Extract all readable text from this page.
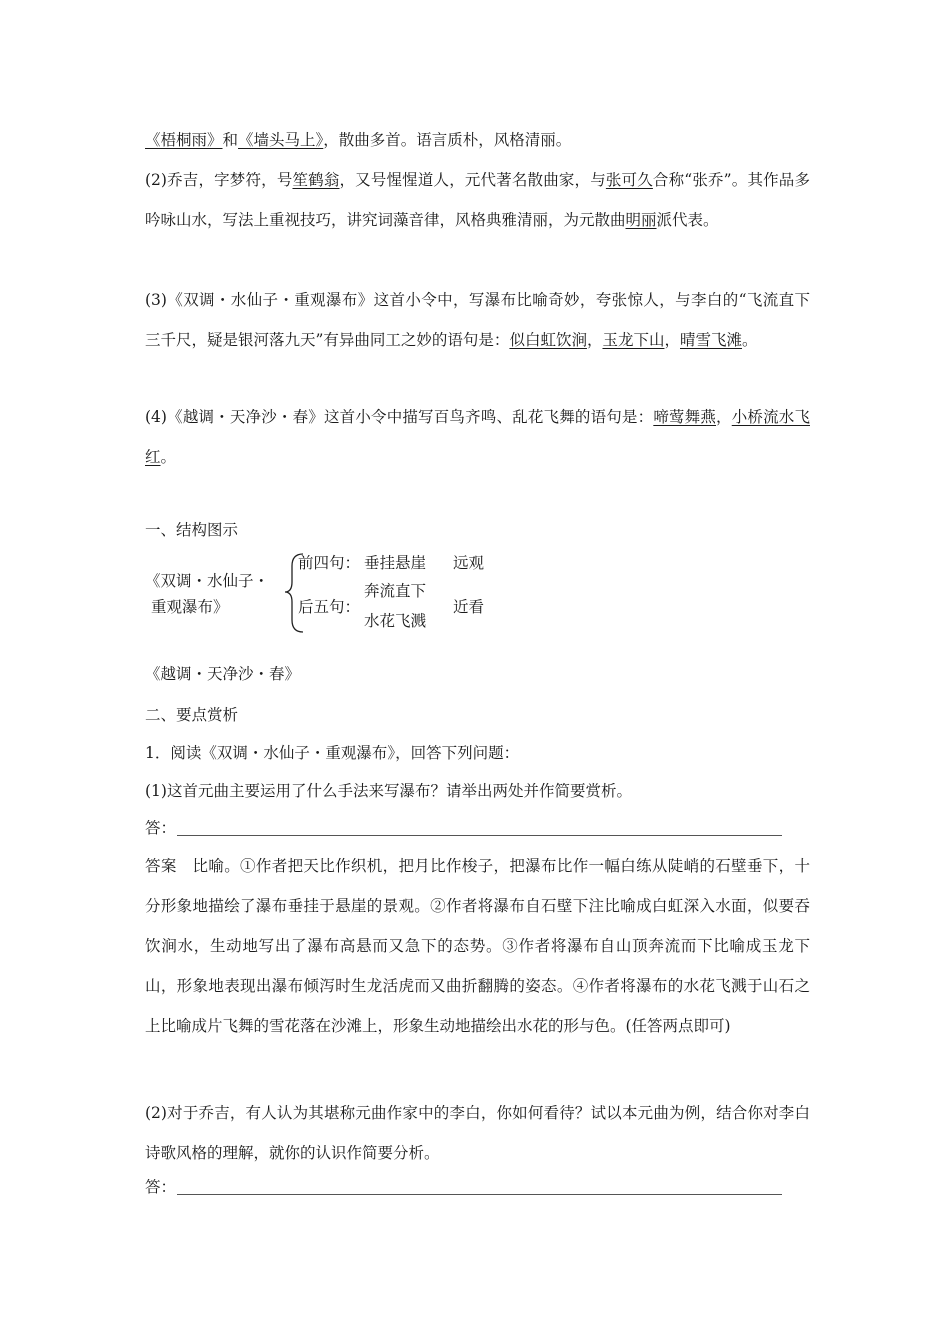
《梧桐雨》和《墙头马上》，散曲多首。语言质朴，风格清丽。

(2)乔吉，字梦符，号笙鹤翁，又号惺惺道人，元代著名散曲家，与张可久合称“张乔”。其作品多吟咏山水，写法上重视技巧，讲究词藻音律，风格典雅清丽，为元散曲明丽派代表。

(3)《双调・水仙子・重观瀑布》这首小令中，写瀑布比喻奇妙，夸张惊人，与李白的“飞流直下三千尺，疑是银河落九天”有异曲同工之妙的语句是：似白虹饮涧，玉龙下山，晴雪飞滩。

(4)《越调・天净沙・春》这首小令中描写百鸟齐鸣、乱花飞舞的语句是：啼莺舞燕，小桥流水飞红。

一、结构图示

《双调・水仙子・
重观瀑布》
前四句： 垂挂悬崖 远观
后五句：
奔流直下
水花飞溅
近看

《越调・天净沙・春》

二、要点赏析

1．阅读《双调・水仙子・重观瀑布》，回答下列问题：

(1)这首元曲主要运用了什么手法来写瀑布？请举出两处并作简要赏析。

答：

答案　比喻。①作者把天比作织机，把月比作梭子，把瀑布比作一幅白练从陡峭的石壁垂下，十分形象地描绘了瀑布垂挂于悬崖的景观。②作者将瀑布自石壁下注比喻成白虹深入水面，似要吞饮涧水，生动地写出了瀑布高悬而又急下的态势。③作者将瀑布自山顶奔流而下比喻成玉龙下山，形象地表现出瀑布倾泻时生龙活虎而又曲折翻腾的姿态。④作者将瀑布的水花飞溅于山石之上比喻成片飞舞的雪花落在沙滩上，形象生动地描绘出水花的形与色。(任答两点即可)

(2)对于乔吉，有人认为其堪称元曲作家中的李白，你如何看待？试以本元曲为例，结合你对李白诗歌风格的理解，就你的认识作简要分析。

答：
